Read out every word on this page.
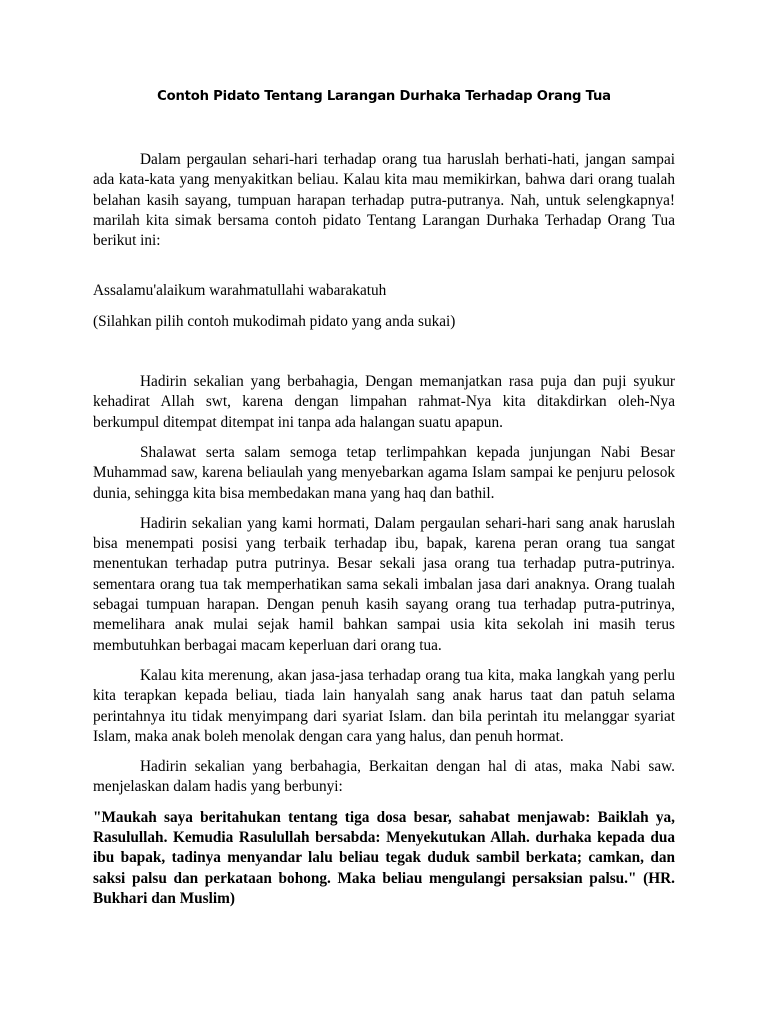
Contoh Pidato Tentang Larangan Durhaka Terhadap Orang Tua

Dalam pergaulan sehari-hari terhadap orang tua haruslah berhati-hati, jangan sampai ada kata-kata yang menyakitkan beliau. Kalau kita mau memikirkan, bahwa dari orang tualah belahan kasih sayang, tumpuan harapan terhadap putra-putranya. Nah, untuk selengkapnya! marilah kita simak bersama contoh pidato Tentang Larangan Durhaka Terhadap Orang Tua berikut ini:

Assalamu'alaikum warahmatullahi wabarakatuh

(Silahkan pilih contoh mukodimah pidato yang anda sukai)

Hadirin sekalian yang berbahagia, Dengan memanjatkan rasa puja dan puji syukur kehadirat Allah swt, karena dengan limpahan rahmat-Nya kita ditakdirkan oleh-Nya berkumpul ditempat ditempat ini tanpa ada halangan suatu apapun.

Shalawat serta salam semoga tetap terlimpahkan kepada junjungan Nabi Besar Muhammad saw, karena beliaulah yang menyebarkan agama Islam sampai ke penjuru pelosok dunia, sehingga kita bisa membedakan mana yang haq dan bathil.

Hadirin sekalian yang kami hormati, Dalam pergaulan sehari-hari sang anak haruslah bisa menempati posisi yang terbaik terhadap ibu, bapak, karena peran orang tua sangat menentukan terhadap putra putrinya. Besar sekali jasa orang tua terhadap putra-putrinya. sementara orang tua tak memperhatikan sama sekali imbalan jasa dari anaknya. Orang tualah sebagai tumpuan harapan. Dengan penuh kasih sayang orang tua terhadap putra-putrinya, memelihara anak mulai sejak hamil bahkan sampai usia kita sekolah ini masih terus membutuhkan berbagai macam keperluan dari orang tua.

Kalau kita merenung, akan jasa-jasa terhadap orang tua kita, maka langkah yang perlu kita terapkan kepada beliau, tiada lain hanyalah sang anak harus taat dan patuh selama perintahnya itu tidak menyimpang dari syariat Islam. dan bila perintah itu melanggar syariat Islam, maka anak boleh menolak dengan cara yang halus, dan penuh hormat.

Hadirin sekalian yang berbahagia, Berkaitan dengan hal di atas, maka Nabi saw. menjelaskan dalam hadis yang berbunyi:

"Maukah saya beritahukan tentang tiga dosa besar, sahabat menjawab: Baiklah ya, Rasulullah. Kemudia Rasulullah bersabda: Menyekutukan Allah. durhaka kepada dua ibu bapak, tadinya menyandar lalu beliau tegak duduk sambil berkata; camkan, dan saksi palsu dan perkataan bohong. Maka beliau mengulangi persaksian palsu." (HR. Bukhari dan Muslim)
